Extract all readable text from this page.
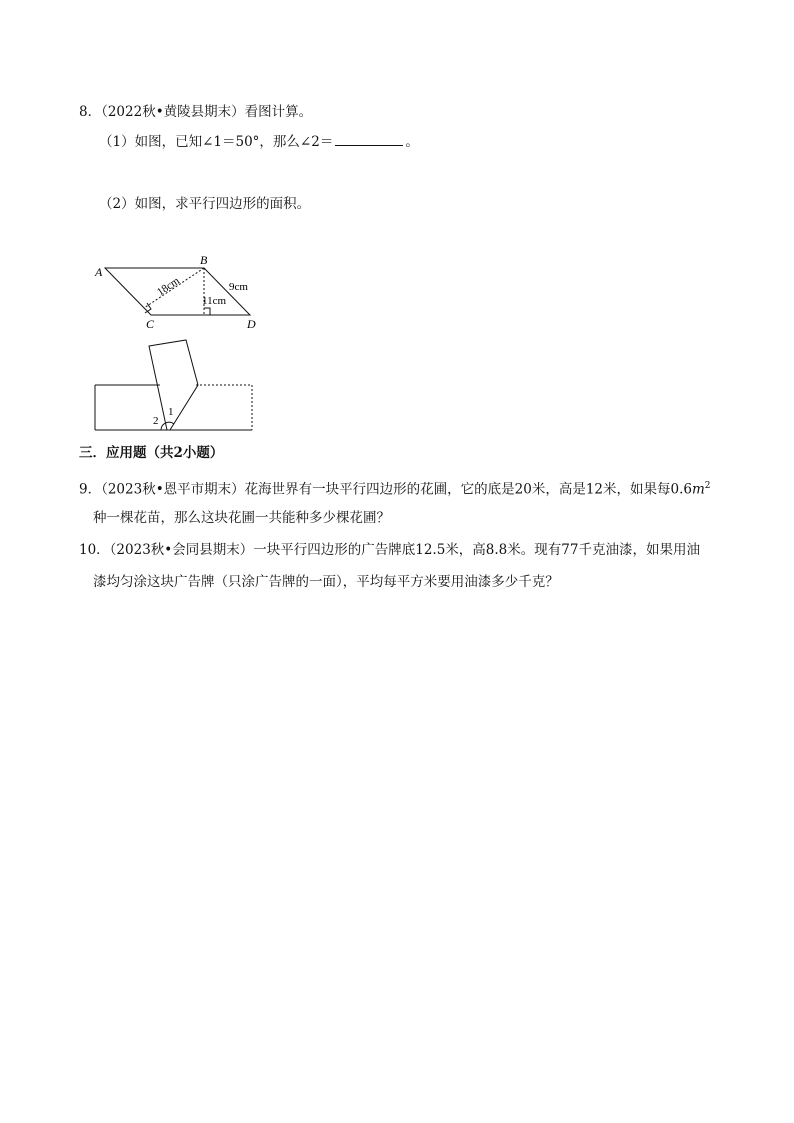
8．（2022秋•黄陵县期末）看图计算。
（1）如图，已知∠1＝50°，那么∠2＝	。
（2）如图，求平行四边形的面积。
A
B
C	D
18cm
11cm
9cm
2
1
三．应用题（共2小题）
9．（2023秋•恩平市期末）花海世界有一块平行四边形的花圃，它的底是20米，高是12米，如果每$0.6m^2$
种一棵花苗，那么这块花圃一共能种多少棵花圃？
10．（2023秋•会同县期末）一块平行四边形的广告牌底12.5米，高8.8米。现有77千克油漆，如果用油
漆均匀涂这块广告牌（只涂广告牌的一面），平均每平方米要用油漆多少千克？
